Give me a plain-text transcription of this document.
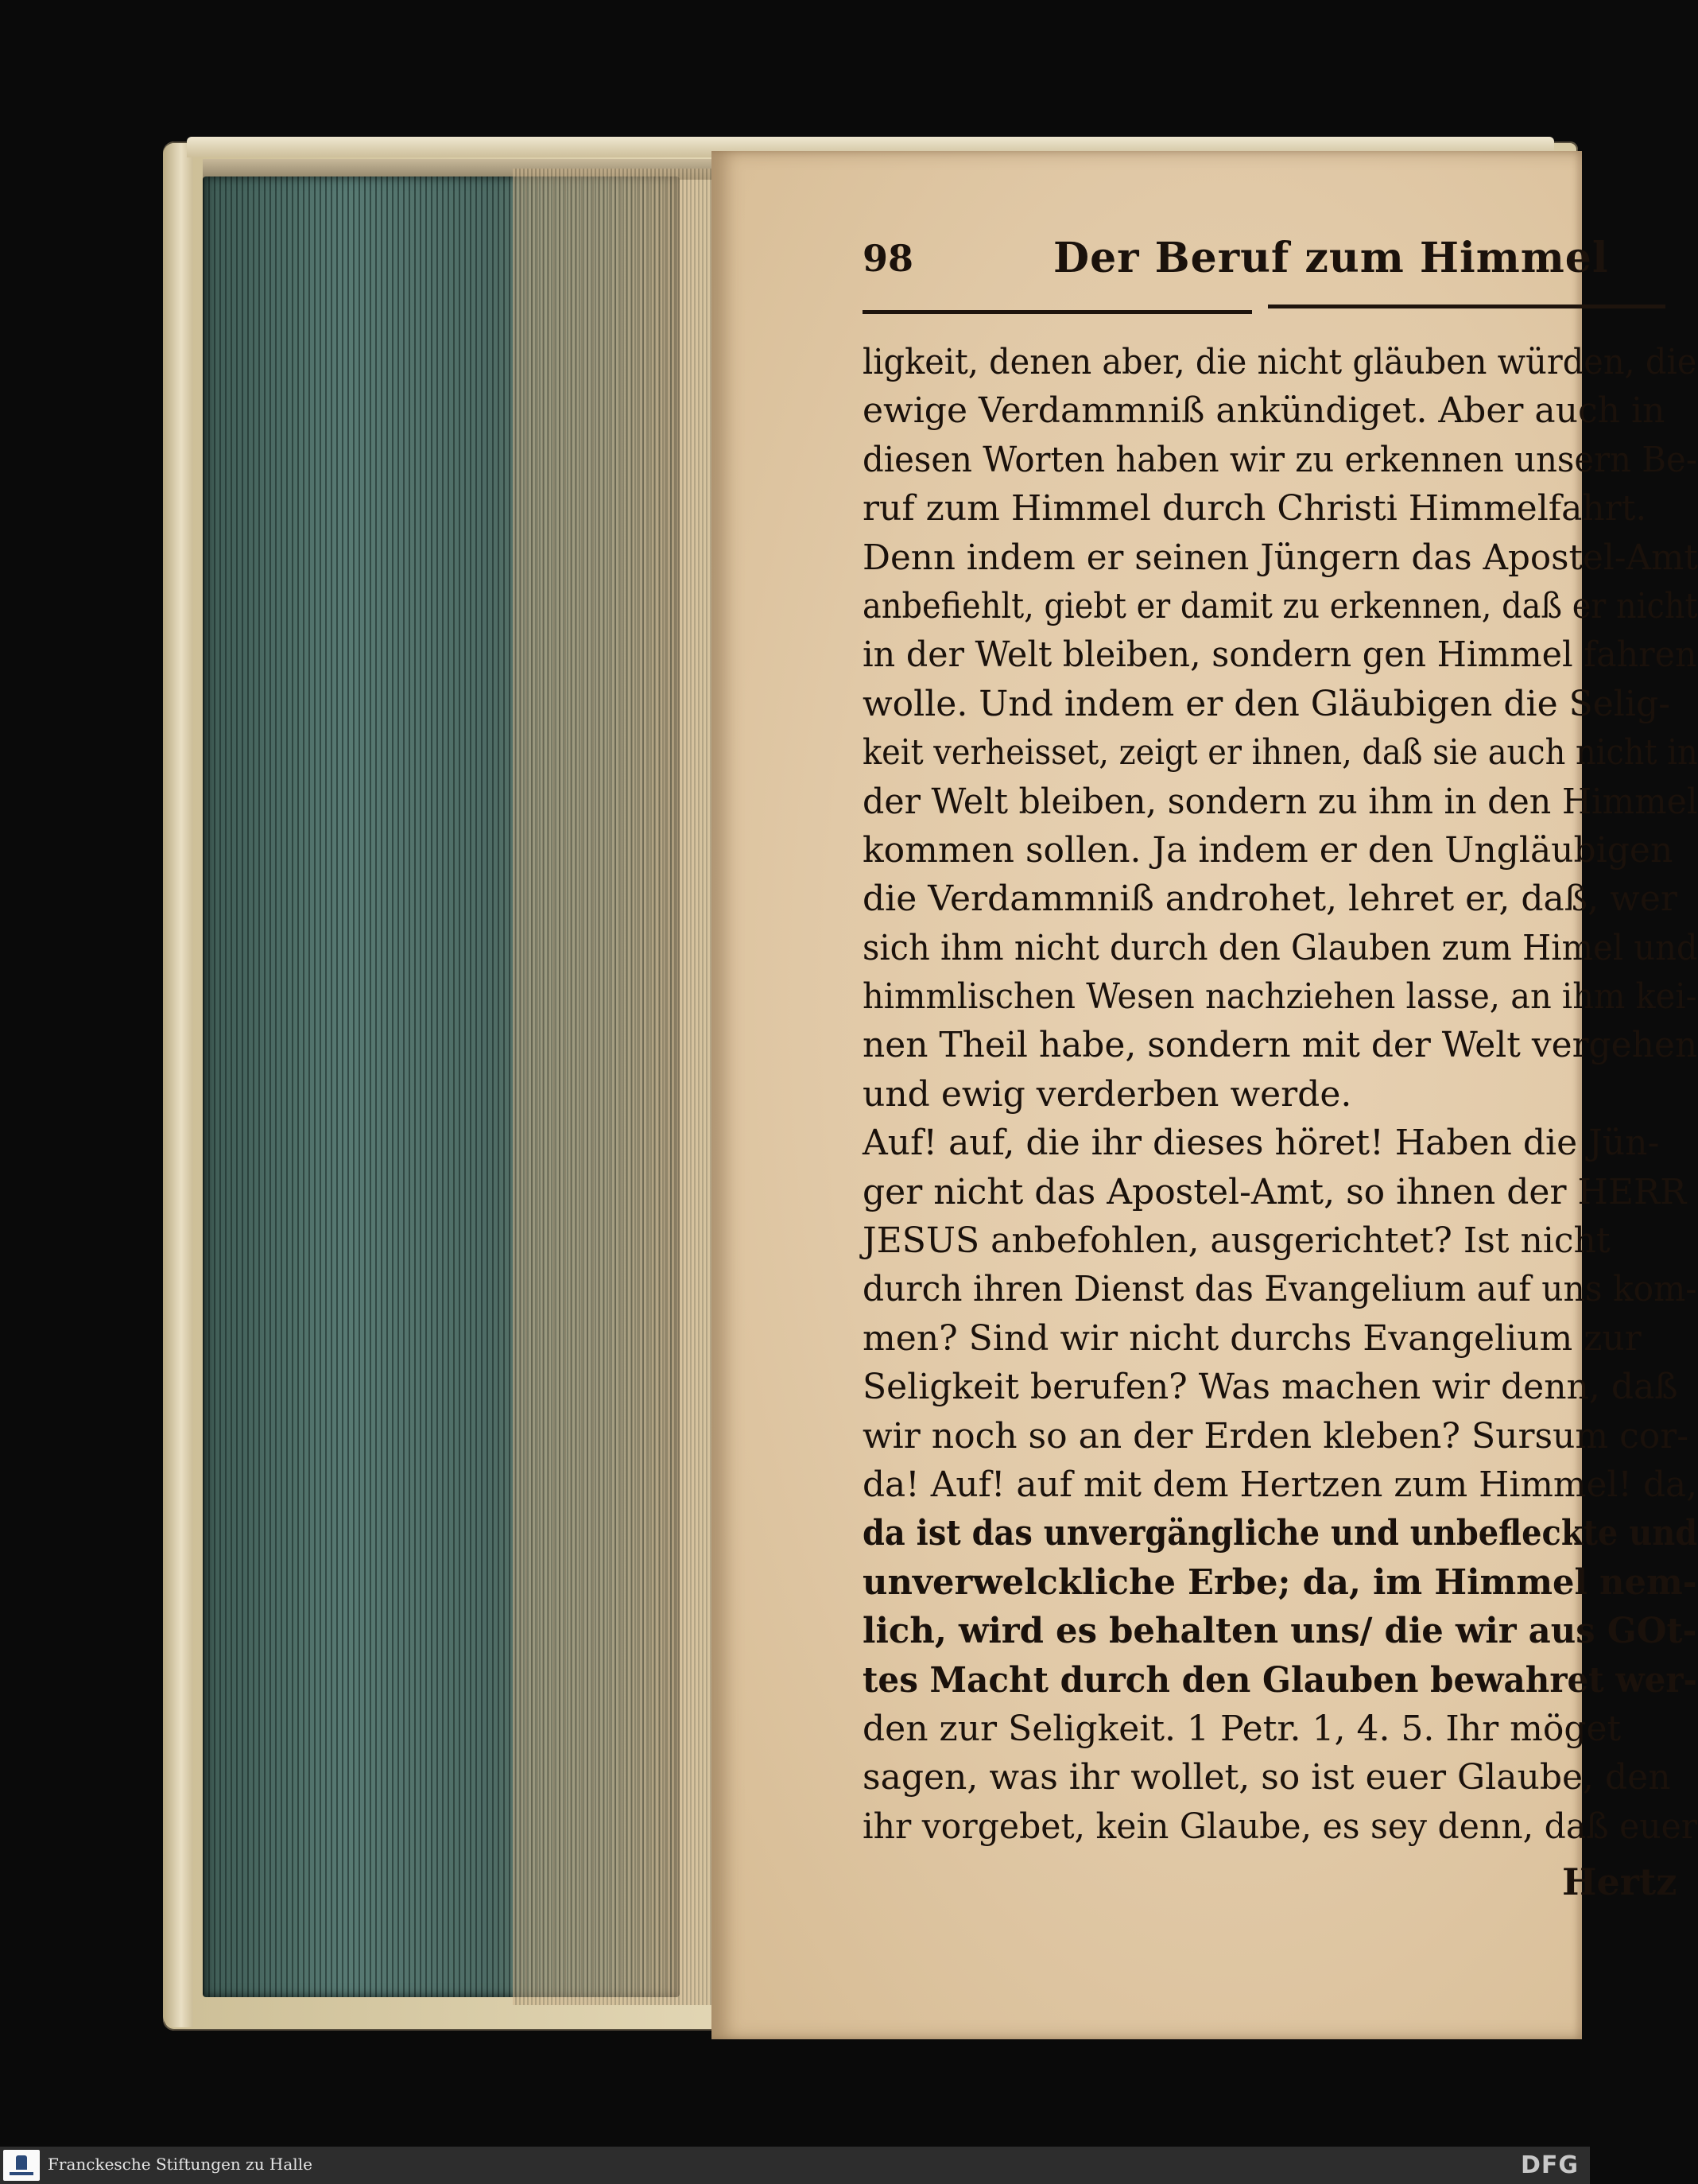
98	Der Beruf zum Himmel
ligkeit, denen aber, die nicht gläuben würden, die
ewige Verdammniß ankündiget. Aber auch in
diesen Worten haben wir zu erkennen unsern Be-
ruf zum Himmel durch Christi Himmelfahrt.
Denn indem er seinen Jüngern das Apostel-Amt
anbefiehlt, giebt er damit zu erkennen, daß er nicht
in der Welt bleiben, sondern gen Himmel fahren
wolle. Und indem er den Gläubigen die Selig-
keit verheisset, zeigt er ihnen, daß sie auch nicht in
der Welt bleiben, sondern zu ihm in den Himmel
kommen sollen. Ja indem er den Ungläubigen
die Verdammniß androhet, lehret er, daß, wer
sich ihm nicht durch den Glauben zum Himel und
himmlischen Wesen nachziehen lasse, an ihm kei-
nen Theil habe, sondern mit der Welt vergehen
und ewig verderben werde.
Auf! auf, die ihr dieses höret! Haben die Jün-
ger nicht das Apostel-Amt, so ihnen der HERR
JESUS anbefohlen, ausgerichtet? Ist nicht
durch ihren Dienst das Evangelium auf uns kom-
men? Sind wir nicht durchs Evangelium zur
Seligkeit berufen? Was machen wir denn, daß
wir noch so an der Erden kleben? Sursum cor-
da! Auf! auf mit dem Hertzen zum Himmel! da,
da ist das unvergängliche und unbefleckte und
unverwelckliche Erbe; da, im Himmel nem-
lich, wird es behalten uns/ die wir aus GOt-
tes Macht durch den Glauben bewahret wer-
den zur Seligkeit. 1 Petr. 1, 4. 5. Ihr möget
sagen, was ihr wollet, so ist euer Glaube, den
ihr vorgebet, kein Glaube, es sey denn, daß euer
Hertz
Franckesche Stiftungen zu Halle	DFG
